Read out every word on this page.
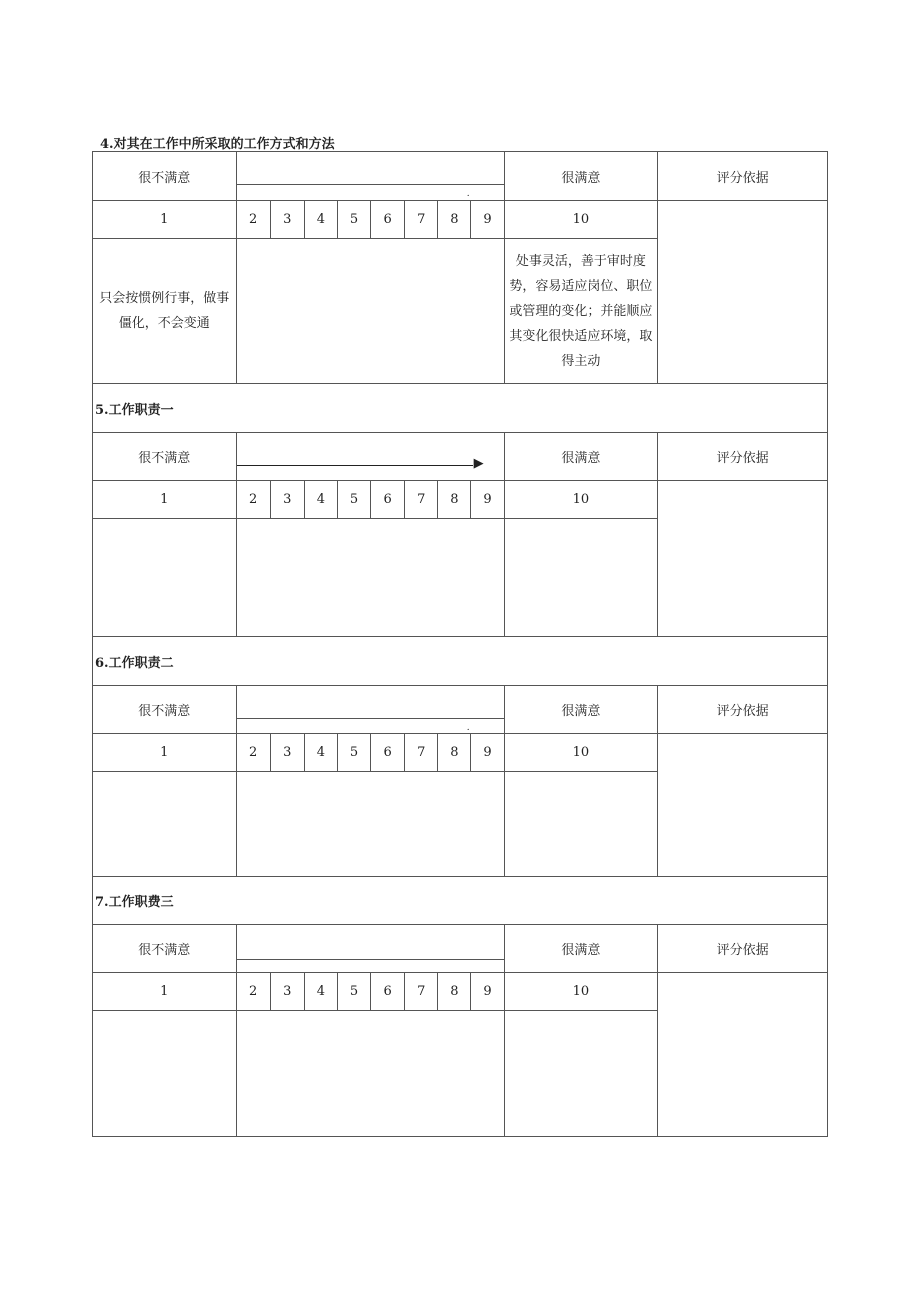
4.对其在工作中所采取的工作方式和方法
很不满意	.								很满意	评分依据
1	2	3	4	5	6	7	8	9	10	

只会按惯例行事，做事僵化，不会变通									处事灵活，善于审时度势，容易适应岗位、职位或管理的变化；并能顺应其变化很快适应环境，取得主动	
5.工作职责一										
很不满意	▶								很满意	评分依据
1	2	3	4	5	6	7	8	9	10	

6.工作职责二										
很不满意	.								很满意	评分依据
1	2	3	4	5	6	7	8	9	10	

7.工作职费三										
很不满意									很满意	评分依据
1	2	3	4	5	6	7	8	9	10	
